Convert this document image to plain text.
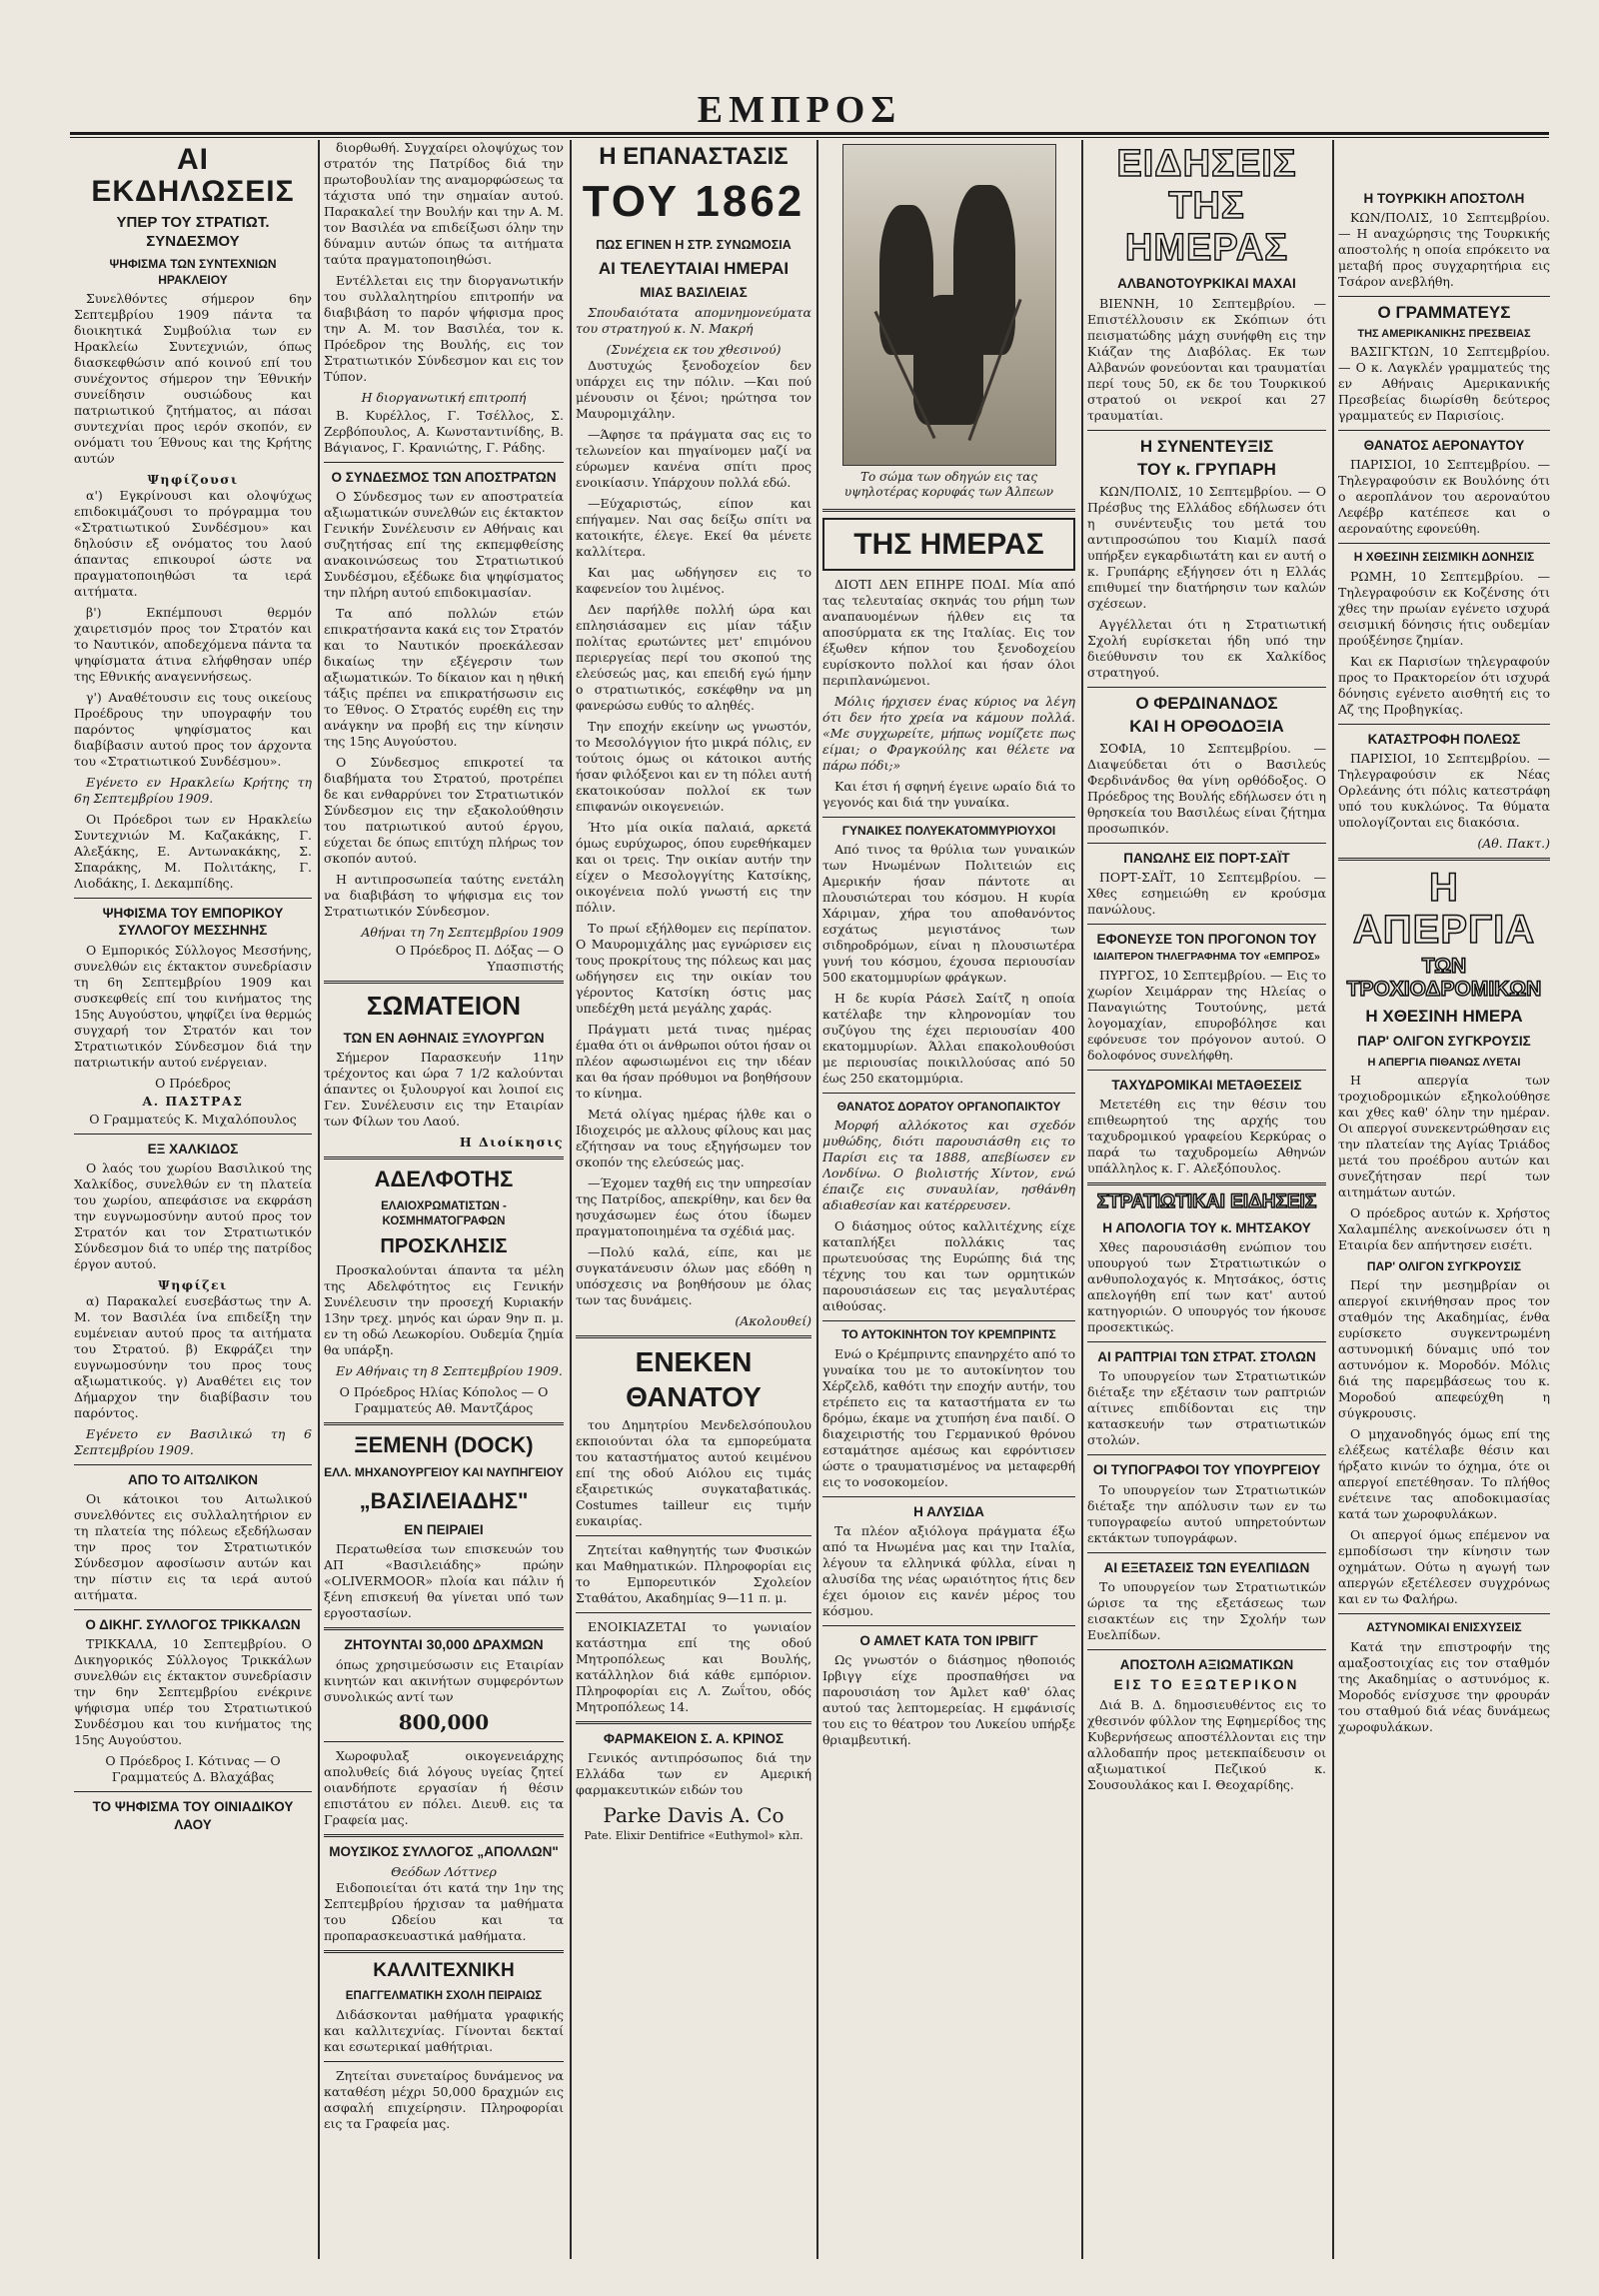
ΕΜΠΡΟΣ
ΑΙ ΕΚΔΗΛΩΣΕΙΣ
ΥΠΕΡ ΤΟΥ ΣΤΡΑΤΙΩΤ. ΣΥΝΔΕΣΜΟΥ
ΨΗΦΙΣΜΑ ΤΩΝ ΣΥΝΤΕΧΝΙΩΝ ΗΡΑΚΛΕΙΟΥ

Συνελθόντες σήμερον 6ην Σεπτεμβρίου 1909 πάντα τα διοικητικά Συμβούλια των εν Ηρακλείω Συντεχνιών, όπως διασκεφθώσιν από κοινού επί του συνέχοντος σήμερον την Έθνικήν συνείδησιν ουσιώδους και πατριωτικού ζητήματος, αι πάσαι συντεχνίαι προς ιερόν σκοπόν, εν ονόματι του Έθνους και της Κρήτης αυτών

Ψηφίζουσι

α') Εγκρίνουσι και ολοψύχως επιδοκιμάζουσι το πρόγραμμα του «Στρατιωτικού Συνδέσμου» και δηλούσιν εξ ονόματος του λαού άπαντας επικουροί ώστε να πραγματοποιηθώσι τα ιερά αιτήματα.

β') Εκπέμπουσι θερμόν χαιρετισμόν προς τον Στρατόν και το Ναυτικόν, αποδεχόμενα πάντα τα ψηφίσματα άτινα ελήφθησαν υπέρ της Εθνικής αναγεννήσεως.

γ') Αναθέτουσιν εις τους οικείους Προέδρους την υπογραφήν του παρόντος ψηφίσματος και διαβίβασιν αυτού προς τον άρχοντα του «Στρατιωτικού Συνδέσμου».

Εγένετο εν Ηρακλείω Κρήτης τη 6η Σεπτεμβρίου 1909.

Οι Πρόεδροι των εν Ηρακλείω Συντεχνιών Μ. Καζακάκης, Γ. Αλεξάκης, Ε. Αντωνακάκης, Σ. Σπαράκης, Μ. Πολιτάκης, Γ. Λιοδάκης, Ι. Δεκαμπίδης.

ΨΗΦΙΣΜΑ ΤΟΥ ΕΜΠΟΡΙΚΟΥ ΣΥΛΛΟΓΟΥ ΜΕΣΣΗΝΗΣ

Ο Εμπορικός Σύλλογος Μεσσήνης, συνελθών εις έκτακτον συνεδρίασιν τη 6η Σεπτεμβρίου 1909 και συσκεφθείς επί του κινήματος της 15ης Αυγούστου, ψηφίζει ίνα θερμώς συγχαρή τον Στρατόν και τον Στρατιωτικόν Σύνδεσμον διά την πατριωτικήν αυτού ενέργειαν.

Ο Πρόεδρος
Α. ΠΑΣΤΡΑΣ
Ο Γραμματεύς Κ. Μιχαλόπουλος
ΕΞ ΧΑΛΚΙΔΟΣ

Ο λαός του χωρίου Βασιλικού της Χαλκίδος, συνελθών εν τη πλατεία του χωρίου, απεφάσισε να εκφράση την ευγνωμοσύνην αυτού προς τον Στρατόν και τον Στρατιωτικόν Σύνδεσμον διά το υπέρ της πατρίδος έργον αυτού.

Ψηφίζει

α) Παρακαλεί ευσεβάστως την Α. Μ. τον Βασιλέα ίνα επιδείξη την ευμένειαν αυτού προς τα αιτήματα του Στρατού. β) Εκφράζει την ευγνωμοσύνην του προς τους αξιωματικούς. γ) Αναθέτει εις τον Δήμαρχον την διαβίβασιν του παρόντος.

Εγένετο εν Βασιλικώ τη 6 Σεπτεμβρίου 1909.

ΑΠΟ ΤΟ ΑΙΤΩΛΙΚΟΝ

Οι κάτοικοι του Αιτωλικού συνελθόντες εις συλλαλητήριον εν τη πλατεία της πόλεως εξεδήλωσαν την προς τον Στρατιωτικόν Σύνδεσμον αφοσίωσιν αυτών και την πίστιν εις τα ιερά αυτού αιτήματα.

Ο ΔΙΚΗΓ. ΣΥΛΛΟΓΟΣ ΤΡΙΚΚΑΛΩΝ

ΤΡΙΚΚΑΛΑ, 10 Σεπτεμβρίου. Ο Δικηγορικός Σύλλογος Τρικκάλων συνελθών εις έκτακτον συνεδρίασιν την 6ην Σεπτεμβρίου ενέκρινε ψήφισμα υπέρ του Στρατιωτικού Συνδέσμου και του κινήματος της 15ης Αυγούστου.

Ο Πρόεδρος Ι. Κότινας — Ο Γραμματεύς Δ. Βλαχάβας
ΤΟ ΨΗΦΙΣΜΑ ΤΟΥ ΟΙΝΙΑΔΙΚΟΥ ΛΑΟΥ

διορθωθή. Συγχαίρει ολοψύχως τον στρατόν της Πατρίδος διά την πρωτοβουλίαν της αναμορφώσεως τα τάχιστα υπό την σημαίαν αυτού. Παρακαλεί την Βουλήν και την Α. Μ. τον Βασιλέα να επιδείξωσι όλην την δύναμιν αυτών όπως τα αιτήματα ταύτα πραγματοποιηθώσι.

Εντέλλεται εις την διοργανωτικήν του συλλαλητηρίου επιτροπήν να διαβιβάση το παρόν ψήφισμα προς την Α. Μ. τον Βασιλέα, τον κ. Πρόεδρον της Βουλής, εις τον Στρατιωτικόν Σύνδεσμον και εις τον Τύπον.

Η διοργανωτική επιτροπή

Β. Κυρέλλος, Γ. Τσέλλος, Σ. Ζερβόπουλος, Α. Κωνσταντινίδης, Β. Βάγιανος, Γ. Κρανιώτης, Γ. Ράδης.

Ο ΣΥΝΔΕΣΜΟΣ ΤΩΝ ΑΠΟΣΤΡΑΤΩΝ

Ο Σύνδεσμος των εν αποστρατεία αξιωματικών συνελθών εις έκτακτον Γενικήν Συνέλευσιν εν Αθήναις και συζητήσας επί της εκπεμφθείσης ανακοινώσεως του Στρατιωτικού Συνδέσμου, εξέδωκε δια ψηφίσματος την πλήρη αυτού επιδοκιμασίαν.

Τα από πολλών ετών επικρατήσαντα κακά εις τον Στρατόν και το Ναυτικόν προεκάλεσαν δικαίως την εξέγερσιν των αξιωματικών. Το δίκαιον και η ηθική τάξις πρέπει να επικρατήσωσιν εις το Έθνος. Ο Στρατός ευρέθη εις την ανάγκην να προβή εις την κίνησιν της 15ης Αυγούστου.

Ο Σύνδεσμος επικροτεί τα διαβήματα του Στρατού, προτρέπει δε και ενθαρρύνει τον Στρατιωτικόν Σύνδεσμον εις την εξακολούθησιν του πατριωτικού αυτού έργου, εύχεται δε όπως επιτύχη πλήρως τον σκοπόν αυτού.

Η αντιπροσωπεία ταύτης ενετάλη να διαβιβάση το ψήφισμα εις τον Στρατιωτικόν Σύνδεσμον.

Αθήναι τη 7η Σεπτεμβρίου 1909
Ο Πρόεδρος Π. Δόξας — Ο Υπασπιστής
ΣΩΜΑΤΕΙΟΝ
ΤΩΝ ΕΝ ΑΘΗΝΑΙΣ ΞΥΛΟΥΡΓΩΝ

Σήμερον Παρασκευήν 11ην τρέχοντος και ώρα 7 1/2 καλούνται άπαντες οι ξυλουργοί και λοιποί εις Γεν. Συνέλευσιν εις την Εταιρίαν των Φίλων του Λαού.

Η Διοίκησις
ΑΔΕΛΦΟΤΗΣ
ΕΛΑΙΟΧΡΩΜΑΤΙΣΤΩΝ - ΚΟΣΜΗΜΑΤΟΓΡΑΦΩΝ
ΠΡΟΣΚΛΗΣΙΣ

Προσκαλούνται άπαντα τα μέλη της Αδελφότητος εις Γενικήν Συνέλευσιν την προσεχή Κυριακήν 13ην τρεχ. μηνός και ώραν 9ην π. μ. εν τη οδώ Λεωκορίου. Ουδεμία ζημία θα υπάρξη.

Εν Αθήναις τη 8 Σεπτεμβρίου 1909.

Ο Πρόεδρος Ηλίας Κόπολος — Ο Γραμματεύς Αθ. Μαντζάρος
ΞΕΜΕΝΗ (DOCK)
ΕΛΛ. ΜΗΧΑΝΟΥΡΓΕΙΟΥ ΚΑΙ ΝΑΥΠΗΓΕΙΟΥ
„ΒΑΣΙΛΕΙΑΔΗΣ"
ΕΝ ΠΕΙΡΑΙΕΙ

Περατωθείσα των επισκευών του ΑΠ «Βασιλειάδης» πρώην «OLIVERMOOR» πλοία και πάλιν ή ξένη επισκευή θα γίνεται υπό των εργοστασίων.

ΖΗΤΟΥΝΤΑΙ 30,000 ΔΡΑΧΜΩΝ

όπως χρησιμεύσωσιν εις Εταιρίαν κινητών και ακινήτων συμφερόντων συνολικώς αντί των

800,000

Χωροφυλαξ οικογενειάρχης απολυθείς διά λόγους υγείας ζητεί οιανδήποτε εργασίαν ή θέσιν επιστάτου εν πόλει. Διευθ. εις τα Γραφεία μας.

ΜΟΥΣΙΚΟΣ ΣΥΛΛΟΓΟΣ „ΑΠΟΛΛΩΝ"
Θεόδων Λόττνερ

Ειδοποιείται ότι κατά την 1ην της Σεπτεμβρίου ήρχισαν τα μαθήματα του Ωδείου και τα προπαρασκευαστικά μαθήματα.

ΚΑΛΛΙΤΕΧΝΙΚΗ
ΕΠΑΓΓΕΛΜΑΤΙΚΗ ΣΧΟΛΗ ΠΕΙΡΑΙΩΣ

Διδάσκονται μαθήματα γραφικής και καλλιτεχνίας. Γίνονται δεκταί και εσωτερικαί μαθήτριαι.

Ζητείται συνεταίρος δυνάμενος να καταθέση μέχρι 50,000 δραχμών εις ασφαλή επιχείρησιν. Πληροφορίαι εις τα Γραφεία μας.

Η ΕΠΑΝΑΣΤΑΣΙΣ
ΤΟΥ 1862
ΠΩΣ ΕΓΙΝΕΝ Η ΣΤΡ. ΣΥΝΩΜΟΣΙΑ
ΑΙ ΤΕΛΕΥΤΑΙΑΙ ΗΜΕΡΑΙ
ΜΙΑΣ ΒΑΣΙΛΕΙΑΣ

Σπουδαιότατα απομνημονεύματα του στρατηγού κ. Ν. Μακρή

(Συνέχεια εκ του χθεσινού)

Δυστυχώς ξενοδοχείον δεν υπάρχει εις την πόλιν. —Και πού μένουσιν οι ξένοι; ηρώτησα τον Μαυρομιχάλην.

—Άφησε τα πράγματα σας εις το τελωνείον και πηγαίνομεν μαζί να εύρωμεν κανένα σπίτι προς ενοικίασιν. Υπάρχουν πολλά εδώ.

—Εύχαριστώς, είπον και επήγαμεν. Ναι σας δείξω σπίτι να κατοικήτε, έλεγε. Εκεί θα μένετε καλλίτερα.

Και μας ωδήγησεν εις το καφενείον του λιμένος.

Δεν παρήλθε πολλή ώρα και επλησιάσαμεν εις μίαν τάξιν πολίτας ερωτώντες μετ' επιμόνου περιεργείας περί του σκοπού της ελεύσεώς μας, και επειδή εγώ ήμην ο στρατιωτικός, εσκέφθην να μη φανερώσω ευθύς το αληθές.

Την εποχήν εκείνην ως γνωστόν, το Μεσολόγγιον ήτο μικρά πόλις, εν τούτοις όμως οι κάτοικοι αυτής ήσαν φιλόξενοι και εν τη πόλει αυτή εκατοικούσαν πολλοί εκ των επιφανών οικογενειών.

Ήτο μία οικία παλαιά, αρκετά όμως ευρύχωρος, όπου ευρεθήκαμεν και οι τρεις. Την οικίαν αυτήν την είχεν ο Μεσολογγίτης Κατσίκης, οικογένεια πολύ γνωστή εις την πόλιν.

Το πρωί εξήλθομεν εις περίπατον. Ο Μαυρομιχάλης μας εγνώρισεν εις τους προκρίτους της πόλεως και μας ωδήγησεν εις την οικίαν του γέροντος Κατσίκη όστις μας υπεδέχθη μετά μεγάλης χαράς.

Πράγματι μετά τινας ημέρας έμαθα ότι οι άνθρωποι ούτοι ήσαν οι πλέον αφωσιωμένοι εις την ιδέαν και θα ήσαν πρόθυμοι να βοηθήσουν το κίνημα.

Μετά ολίγας ημέρας ήλθε και ο Ιδιοχειρός με αλλους φίλους και μας εζήτησαν να τους εξηγήσωμεν τον σκοπόν της ελεύσεώς μας.

—Έχομεν ταχθή εις την υπηρεσίαν της Πατρίδος, απεκρίθην, και δεν θα ησυχάσωμεν έως ότου ίδωμεν πραγματοποιημένα τα σχέδιά μας.

—Πολύ καλά, είπε, και με συγκατάνευσιν όλων μας εδόθη η υπόσχεσις να βοηθήσουν με όλας των τας δυνάμεις.

(Ακολουθεί)
ΕΝΕΚΕΝ ΘΑΝΑΤΟΥ

του Δημητρίου Μενδελσόπουλου εκποιούνται όλα τα εμπορεύματα του καταστήματος αυτού κειμένου επί της οδού Αιόλου εις τιμάς εξαιρετικώς συγκαταβατικάς. Costumes tailleur εις τιμήν ευκαιρίας.

Ζητείται καθηγητής των Φυσικών και Μαθηματικών. Πληροφορίαι εις το Εμπορευτικόν Σχολείον Σταθάτου, Ακαδημίας 9—11 π. μ.

ΕΝΟΙΚΙΑΖΕΤΑΙ το γωνιαίον κατάστημα επί της οδού Μητροπόλεως και Βουλής, κατάλληλον διά κάθε εμπόριον. Πληροφορίαι εις Λ. Ζωΐτου, οδός Μητροπόλεως 14.

ΦΑΡΜΑΚΕΙΟΝ Σ. Α. ΚΡΙΝΟΣ

Γενικός αντιπρόσωπος διά την Ελλάδα των εν Αμερική φαρμακευτικών ειδών του

Parke Davis A. Co
Pate. Elixir Dentifrice «Euthymol» κλπ.
Το σώμα των οδηγών εις τας υψηλοτέρας κορυφάς των Άλπεων
ΤΗΣ ΗΜΕΡΑΣ

ΔΙΟΤΙ ΔΕΝ ΕΠΗΡΕ ΠΟΔΙ. Μία από τας τελευταίας σκηνάς του ρήμη των αναπαυομένων ήλθεν εις τα αποσύρματα εκ της Ιταλίας. Εις τον έξωθεν κήπον του ξενοδοχείου ευρίσκοντο πολλοί και ήσαν όλοι περιπλανώμενοι.

Μόλις ήρχισεν ένας κύριος να λέγη ότι δεν ήτο χρεία να κάμουν πολλά. «Με συγχωρείτε, μήπως νομίζετε πως είμαι; ο Φραγκούλης και θέλετε να πάρω πόδι;»

Και έτσι ή σφηνή έγεινε ωραίο διά το γεγονός και διά την γυναίκα.

ΓΥΝΑΙΚΕΣ ΠΟΛΥΕΚΑΤΟΜΜΥΡΙΟΥΧΟΙ

Από τινος τα θρύλια των γυναικών των Ηνωμένων Πολιτειών εις Αμερικήν ήσαν πάντοτε αι πλουσιώτεραι του κόσμου. Η κυρία Χάριμαν, χήρα του αποθανόντος εσχάτως μεγιστάνος των σιδηροδρόμων, είναι η πλουσιωτέρα γυνή του κόσμου, έχουσα περιουσίαν 500 εκατομμυρίων φράγκων.

Η δε κυρία Ράσελ Σαίτζ η οποία κατέλαβε την κληρονομίαν του συζύγου της έχει περιουσίαν 400 εκατομμυρίων. Άλλαι επακολουθούσι με περιουσίας ποικιλλούσας από 50 έως 250 εκατομμύρια.

ΘΑΝΑΤΟΣ ΔΟΡΑΤΟΥ ΟΡΓΑΝΟΠΑΙΚΤΟΥ

Μορφή αλλόκοτος και σχεδόν μυθώδης, διότι παρουσιάσθη εις το Παρίσι εις τα 1888, απεβίωσεν εν Λονδίνω. Ο βιολιστής Χίντον, ενώ έπαιζε εις συναυλίαν, ησθάνθη αδιαθεσίαν και κατέρρευσεν.

Ο διάσημος ούτος καλλιτέχνης είχε καταπλήξει πολλάκις τας πρωτευούσας της Ευρώπης διά της τέχνης του και των ορμητικών παρουσιάσεων εις τας μεγαλυτέρας αιθούσας.

ΤΟ ΑΥΤΟΚΙΝΗΤΟΝ ΤΟΥ ΚΡΕΜΠΡΙΝΤΣ

Ενώ ο Κρέμπριντς επανηρχέτο από το γυναίκα του με το αυτοκίνητον του Χέρζελδ, καθότι την εποχήν αυτήν, του ετρέπετο εις τα καταστήματα εν τω δρόμω, έκαμε να χτυπήση ένα παιδί. Ο διαχειριστής του Γερμανικού θρόνου εσταμάτησε αμέσως και εφρόντισεν ώστε ο τραυματισμένος να μεταφερθή εις το νοσοκομείον.

Η ΑΛΥΣΙΔΑ

Τα πλέον αξιόλογα πράγματα έξω από τα Ηνωμένα μας και την Ιταλία, λέγουν τα ελληνικά φύλλα, είναι η αλυσίδα της νέας ωραιότητος ήτις δεν έχει όμοιον εις κανέν μέρος του κόσμου.

Ο ΑΜΛΕΤ ΚΑΤΑ ΤΟΝ ΙΡΒΙΓΓ

Ως γνωστόν ο διάσημος ηθοποιός Ιρβιγγ είχε προσπαθήσει να παρουσιάση τον Άμλετ καθ' όλας αυτού τας λεπτομερείας. Η εμφάνισίς του εις το θέατρον του Λυκείου υπήρξε θριαμβευτική.

ΕΙΔΗΣΕΙΣ ΤΗΣ ΗΜΕΡΑΣ
ΑΛΒΑΝΟΤΟΥΡΚΙΚΑΙ ΜΑΧΑΙ

ΒΙΕΝΝΗ, 10 Σεπτεμβρίου. — Επιστέλλουσιν εκ Σκόπιων ότι πεισματώδης μάχη συνήφθη εις την Κιάζαν της Διαβόλας. Εκ των Αλβανών φονεύονται και τραυματίαι περί τους 50, εκ δε του Τουρκικού στρατού οι νεκροί και 27 τραυματίαι.

Η ΣΥΝΕΝΤΕΥΞΙΣ
ΤΟΥ κ. ΓΡΥΠΑΡΗ

ΚΩΝ/ΠΟΛΙΣ, 10 Σεπτεμβρίου. — Ο Πρέσβυς της Ελλάδος εδήλωσεν ότι η συνέντευξις του μετά του αντιπροσώπου του Κιαμίλ πασά υπήρξεν εγκαρδιωτάτη και εν αυτή ο κ. Γρυπάρης εξήγησεν ότι η Ελλάς επιθυμεί την διατήρησιν των καλών σχέσεων.

Αγγέλλεται ότι η Στρατιωτική Σχολή ευρίσκεται ήδη υπό την διεύθυνσιν του εκ Χαλκίδος στρατηγού.

Ο ΦΕΡΔΙΝΑΝΔΟΣ
ΚΑΙ Η ΟΡΘΟΔΟΞΙΑ

ΣΟΦΙΑ, 10 Σεπτεμβρίου. — Διαψεύδεται ότι ο Βασιλεύς Φερδινάνδος θα γίνη ορθόδοξος. Ο Πρόεδρος της Βουλής εδήλωσεν ότι η θρησκεία του Βασιλέως είναι ζήτημα προσωπικόν.

ΠΑΝΩΛΗΣ ΕΙΣ ΠΟΡΤ-ΣΑΪΤ

ΠΟΡΤ-ΣΑΪΤ, 10 Σεπτεμβρίου. — Χθες εσημειώθη εν κρούσμα πανώλους.

ΕΦΟΝΕΥΣΕ ΤΟΝ ΠΡΟΓΟΝΟΝ ΤΟΥ
ΙΔΙΑΙΤΕΡΟΝ ΤΗΛΕΓΡΑΦΗΜΑ ΤΟΥ «ΕΜΠΡΟΣ»

ΠΥΡΓΟΣ, 10 Σεπτεμβρίου. — Εις το χωρίον Χειμάρραν της Ηλείας ο Παναγιώτης Τουτούνης, μετά λογομαχίαν, επυροβόλησε και εφόνευσε τον πρόγονον αυτού. Ο δολοφόνος συνελήφθη.

ΤΑΧΥΔΡΟΜΙΚΑΙ ΜΕΤΑΘΕΣΕΙΣ

Μετετέθη εις την θέσιν του επιθεωρητού της αρχής του ταχυδρομικού γραφείου Κερκύρας ο παρά τω ταχυδρομείω Αθηνών υπάλληλος κ. Γ. Αλεξόπουλος.

ΣΤΡΑΤΙΩΤΙΚΑΙ ΕΙΔΗΣΕΙΣ
Η ΑΠΟΛΟΓΙΑ ΤΟΥ κ. ΜΗΤΣΑΚΟΥ

Χθες παρουσιάσθη ενώπιον του υπουργού των Στρατιωτικών ο ανθυπολοχαγός κ. Μητσάκος, όστις απελογήθη επί των κατ' αυτού κατηγοριών. Ο υπουργός τον ήκουσε προσεκτικώς.

ΑΙ ΡΑΠΤΡΙΑΙ ΤΩΝ ΣΤΡΑΤ. ΣΤΟΛΩΝ

Το υπουργείον των Στρατιωτικών διέταξε την εξέτασιν των ραπτριών αίτινες επιδίδονται εις την κατασκευήν των στρατιωτικών στολών.

ΟΙ ΤΥΠΟΓΡΑΦΟΙ ΤΟΥ ΥΠΟΥΡΓΕΙΟΥ

Το υπουργείον των Στρατιωτικών διέταξε την απόλυσιν των εν τω τυπογραφείω αυτού υπηρετούντων εκτάκτων τυπογράφων.

ΑΙ ΕΞΕΤΑΣΕΙΣ ΤΩΝ ΕΥΕΛΠΙΔΩΝ

Το υπουργείον των Στρατιωτικών ώρισε τα της εξετάσεως των εισακτέων εις την Σχολήν των Ευελπίδων.

ΑΠΟΣΤΟΛΗ ΑΞΙΩΜΑΤΙΚΩΝ
ΕΙΣ ΤΟ ΕΞΩΤΕΡΙΚΟΝ

Διά Β. Δ. δημοσιευθέντος εις το χθεσινόν φύλλον της Εφημερίδος της Κυβερνήσεως αποστέλλονται εις την αλλοδαπήν προς μετεκπαίδευσιν οι αξιωματικοί Πεζικού κ. Σουσουλάκος και Ι. Θεοχαρίδης.

Η ΤΟΥΡΚΙΚΗ ΑΠΟΣΤΟΛΗ

ΚΩΝ/ΠΟΛΙΣ, 10 Σεπτεμβρίου. — Η αναχώρησις της Τουρκικής αποστολής η οποία επρόκειτο να μεταβή προς συγχαρητήρια εις Τσάρον ανεβλήθη.

Ο ΓΡΑΜΜΑΤΕΥΣ
ΤΗΣ ΑΜΕΡΙΚΑΝΙΚΗΣ ΠΡΕΣΒΕΙΑΣ

ΒΑΣΙΓΚΤΩΝ, 10 Σεπτεμβρίου. — Ο κ. Λαγκλέν γραμματεύς της εν Αθήναις Αμερικανικής Πρεσβείας διωρίσθη δεύτερος γραμματεύς εν Παρισίοις.

ΘΑΝΑΤΟΣ ΑΕΡΟΝΑΥΤΟΥ

ΠΑΡΙΣΙΟΙ, 10 Σεπτεμβρίου. — Τηλεγραφούσιν εκ Βουλόνης ότι ο αεροπλάνον του αεροναύτου Λεφέβρ κατέπεσε και ο αεροναύτης εφονεύθη.

Η ΧΘΕΣΙΝΗ ΣΕΙΣΜΙΚΗ ΔΟΝΗΣΙΣ

ΡΩΜΗ, 10 Σεπτεμβρίου. — Τηλεγραφούσιν εκ Κοζένσης ότι χθες την πρωίαν εγένετο ισχυρά σεισμική δόνησις ήτις ουδεμίαν προύξένησε ζημίαν.

Και εκ Παρισίων τηλεγραφούν προς το Πρακτορείον ότι ισχυρά δόνησις εγένετο αισθητή εις το Αζ της Προβηγκίας.

ΚΑΤΑΣΤΡΟΦΗ ΠΟΛΕΩΣ

ΠΑΡΙΣΙΟΙ, 10 Σεπτεμβρίου. — Τηλεγραφούσιν εκ Νέας Ορλεάνης ότι πόλις κατεστράφη υπό του κυκλώνος. Τα θύματα υπολογίζονται εις διακόσια.

(Αθ. Πακτ.)
Η ΑΠΕΡΓΙΑ
ΤΩΝ ΤΡΟΧΙΟΔΡΟΜΙΚΩΝ
Η ΧΘΕΣΙΝΗ ΗΜΕΡΑ
ΠΑΡ' ΟΛΙΓΟΝ ΣΥΓΚΡΟΥΣΙΣ
Η ΑΠΕΡΓΙΑ ΠΙΘΑΝΩΣ ΛΥΕΤΑΙ

Η απεργία των τροχιοδρομικών εξηκολούθησε και χθες καθ' όλην την ημέραν. Οι απεργοί συνεκεντρώθησαν εις την πλατείαν της Αγίας Τριάδος μετά του προέδρου αυτών και συνεζήτησαν περί των αιτημάτων αυτών.

Ο πρόεδρος αυτών κ. Χρήστος Χαλαμπέλης ανεκοίνωσεν ότι η Εταιρία δεν απήντησεν εισέτι.

ΠΑΡ' ΟΛΙΓΟΝ ΣΥΓΚΡΟΥΣΙΣ

Περί την μεσημβρίαν οι απεργοί εκινήθησαν προς τον σταθμόν της Ακαδημίας, ένθα ευρίσκετο συγκεντρωμένη αστυνομική δύναμις υπό τον αστυνόμον κ. Μοροδόν. Μόλις διά της παρεμβάσεως του κ. Μοροδού απεφεύχθη η σύγκρουσις.

Ο μηχανοδηγός όμως επί της ελέξεως κατέλαβε θέσιν και ήρξατο κινών το όχημα, ότε οι απεργοί επετέθησαν. Το πλήθος ενέτεινε τας αποδοκιμασίας κατά των χωροφυλάκων.

Οι απεργοί όμως επέμενον να εμποδίσωσι την κίνησιν των οχημάτων. Ούτω η αγωγή των απεργών εξετέλεσεν συγχρόνως και εν τω Φαλήρω.

ΑΣΤΥΝΟΜΙΚΑΙ ΕΝΙΣΧΥΣΕΙΣ

Κατά την επιστροφήν της αμαξοστοιχίας εις τον σταθμόν της Ακαδημίας ο αστυνόμος κ. Μοροδός ενίσχυσε την φρουράν του σταθμού διά νέας δυνάμεως χωροφυλάκων.
